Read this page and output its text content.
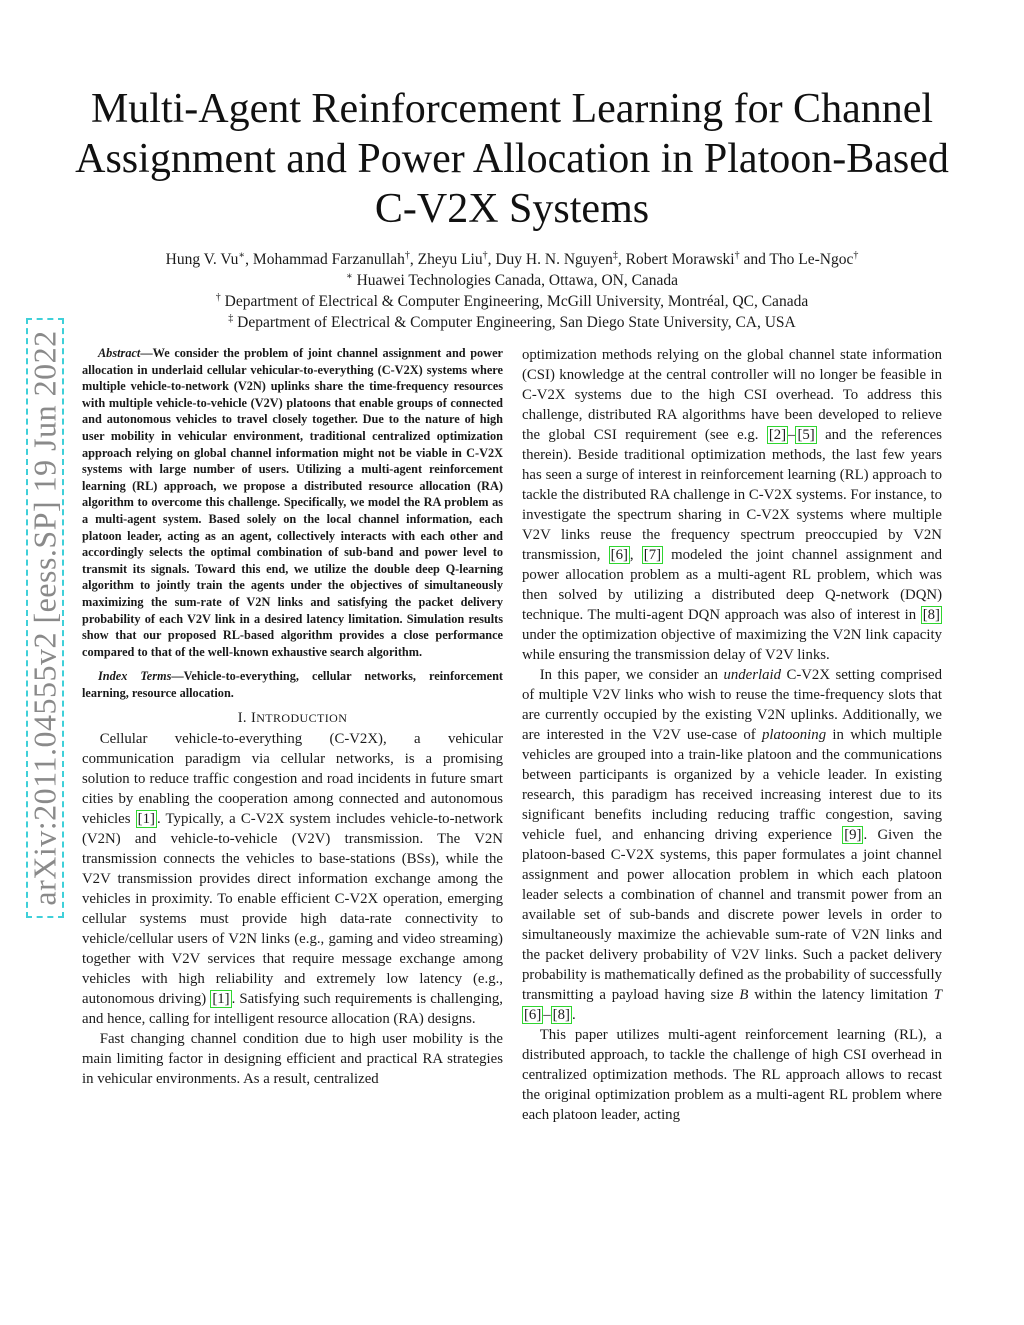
arXiv:2011.04555v2 [eess.SP] 19 Jun 2022
Multi-Agent Reinforcement Learning for Channel Assignment and Power Allocation in Platoon-Based C-V2X Systems
Hung V. Vu∗, Mohammad Farzanullah†, Zheyu Liu†, Duy H. N. Nguyen‡, Robert Morawski† and Tho Le-Ngoc†
∗ Huawei Technologies Canada, Ottawa, ON, Canada
† Department of Electrical & Computer Engineering, McGill University, Montréal, QC, Canada
‡ Department of Electrical & Computer Engineering, San Diego State University, CA, USA

Abstract—We consider the problem of joint channel assignment and power allocation in underlaid cellular vehicular-to-everything (C-V2X) systems where multiple vehicle-to-network (V2N) uplinks share the time-frequency resources with multiple vehicle-to-vehicle (V2V) platoons that enable groups of connected and autonomous vehicles to travel closely together. Due to the nature of high user mobility in vehicular environment, traditional centralized optimization approach relying on global channel information might not be viable in C-V2X systems with large number of users. Utilizing a multi-agent reinforcement learning (RL) approach, we propose a distributed resource allocation (RA) algorithm to overcome this challenge. Specifically, we model the RA problem as a multi-agent system. Based solely on the local channel information, each platoon leader, acting as an agent, collectively interacts with each other and accordingly selects the optimal combination of sub-band and power level to transmit its signals. Toward this end, we utilize the double deep Q-learning algorithm to jointly train the agents under the objectives of simultaneously maximizing the sum-rate of V2N links and satisfying the packet delivery probability of each V2V link in a desired latency limitation. Simulation results show that our proposed RL-based algorithm provides a close performance compared to that of the well-known exhaustive search algorithm.

Index Terms—Vehicle-to-everything, cellular networks, reinforcement learning, resource allocation.

I. INTRODUCTION

Cellular vehicle-to-everything (C-V2X), a vehicular communication paradigm via cellular networks, is a promising solution to reduce traffic congestion and road incidents in future smart cities by enabling the cooperation among connected and autonomous vehicles [1] . Typically, a C-V2X system includes vehicle-to-network (V2N) and vehicle-to-vehicle (V2V) transmission. The V2N transmission connects the vehicles to base-stations (BSs), while the V2V transmission provides direct information exchange among the vehicles in proximity. To enable efficient C-V2X operation, emerging cellular systems must provide high data-rate connectivity to vehicle/cellular users of V2N links (e.g., gaming and video streaming) together with V2V services that require message exchange among vehicles with high reliability and extremely low latency (e.g., autonomous driving) [1] . Satisfying such requirements is challenging, and hence, calling for intelligent resource allocation (RA) designs.

Fast changing channel condition due to high user mobility is the main limiting factor in designing efficient and practical RA strategies in vehicular environments. As a result, centralized

optimization methods relying on the global channel state information (CSI) knowledge at the central controller will no longer be feasible in C-V2X systems due to the high CSI overhead. To address this challenge, distributed RA algorithms have been developed to relieve the global CSI requirement (see e.g. [2] – [5] and the references therein). Beside traditional optimization methods, the last few years has seen a surge of interest in reinforcement learning (RL) approach to tackle the distributed RA challenge in C-V2X systems. For instance, to investigate the spectrum sharing in C-V2X systems where multiple V2V links reuse the frequency spectrum preoccupied by V2N transmission, [6] , [7] modeled the joint channel assignment and power allocation problem as a multi-agent RL problem, which was then solved by utilizing a distributed deep Q-network (DQN) technique. The multi-agent DQN approach was also of interest in [8] under the optimization objective of maximizing the V2N link capacity while ensuring the transmission delay of V2V links.

In this paper, we consider an underlaid C-V2X setting comprised of multiple V2V links who wish to reuse the time-frequency slots that are currently occupied by the existing V2N uplinks. Additionally, we are interested in the V2V use-case of platooning in which multiple vehicles are grouped into a train-like platoon and the communications between participants is organized by a vehicle leader. In existing research, this paradigm has received increasing interest due to its significant benefits including reducing traffic congestion, saving vehicle fuel, and enhancing driving experience [9] . Given the platoon-based C-V2X systems, this paper formulates a joint channel assignment and power allocation problem in which each platoon leader selects a combination of channel and transmit power from an available set of sub-bands and discrete power levels in order to simultaneously maximize the achievable sum-rate of V2N links and the packet delivery probability of V2V links. Such a packet delivery probability is mathematically defined as the probability of successfully transmitting a payload having size B within the latency limitation T [6] – [8] .

This paper utilizes multi-agent reinforcement learning (RL), a distributed approach, to tackle the challenge of high CSI overhead in centralized optimization methods. The RL approach allows to recast the original optimization problem as a multi-agent RL problem where each platoon leader, acting
